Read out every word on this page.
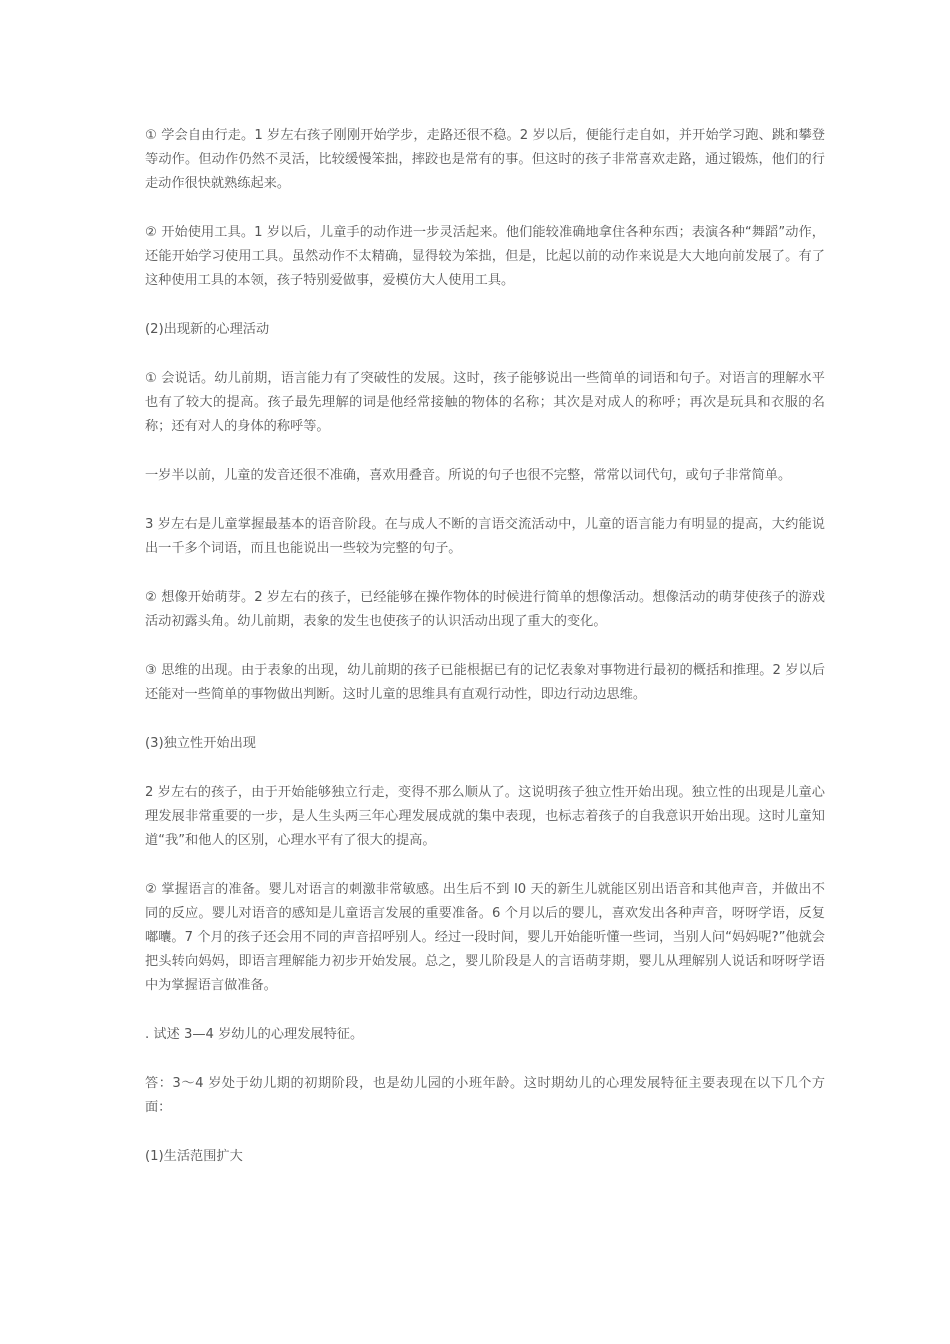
① 学会自由行走。1 岁左右孩子刚刚开始学步，走路还很不稳。2 岁以后，便能行走自如，并开始学习跑、跳和攀登等动作。但动作仍然不灵活，比较缓慢笨拙，摔跤也是常有的事。但这时的孩子非常喜欢走路，通过锻炼，他们的行走动作很快就熟练起来。

② 开始使用工具。1 岁以后，儿童手的动作进一步灵活起来。他们能较准确地拿住各种东西；表演各种“舞蹈”动作，还能开始学习使用工具。虽然动作不太精确，显得较为笨拙，但是，比起以前的动作来说是大大地向前发展了。有了这种使用工具的本领，孩子特别爱做事，爱模仿大人使用工具。

(2)出现新的心理活动

① 会说话。幼儿前期，语言能力有了突破性的发展。这时，孩子能够说出一些简单的词语和句子。对语言的理解水平也有了较大的提高。孩子最先理解的词是他经常接触的物体的名称；其次是对成人的称呼；再次是玩具和衣服的名称；还有对人的身体的称呼等。

一岁半以前，儿童的发音还很不准确，喜欢用叠音。所说的句子也很不完整，常常以词代句，或句子非常简单。

3 岁左右是儿童掌握最基本的语音阶段。在与成人不断的言语交流活动中，儿童的语言能力有明显的提高，大约能说出一千多个词语，而且也能说出一些较为完整的句子。

② 想像开始萌芽。2 岁左右的孩子，已经能够在操作物体的时候进行简单的想像活动。想像活动的萌芽使孩子的游戏活动初露头角。幼儿前期，表象的发生也使孩子的认识活动出现了重大的变化。

③ 思维的出现。由于表象的出现，幼儿前期的孩子已能根据已有的记忆表象对事物进行最初的概括和推理。2 岁以后还能对一些简单的事物做出判断。这时儿童的思维具有直观行动性，即边行动边思维。

(3)独立性开始出现

2 岁左右的孩子，由于开始能够独立行走，变得不那么顺从了。这说明孩子独立性开始出现。独立性的出现是儿童心理发展非常重要的一步，是人生头两三年心理发展成就的集中表现，也标志着孩子的自我意识开始出现。这时儿童知道“我”和他人的区别，心理水平有了很大的提高。

② 掌握语言的准备。婴儿对语言的刺激非常敏感。出生后不到 l0 天的新生儿就能区别出语音和其他声音，并做出不同的反应。婴儿对语音的感知是儿童语言发展的重要准备。6 个月以后的婴儿，喜欢发出各种声音，呀呀学语，反复嘟囔。7 个月的孩子还会用不同的声音招呼别人。经过一段时间，婴儿开始能听懂一些词，当别人问“妈妈呢?”他就会把头转向妈妈，即语言理解能力初步开始发展。总之，婴儿阶段是人的言语萌芽期，婴儿从理解别人说话和呀呀学语中为掌握语言做准备。

. 试述 3—4 岁幼儿的心理发展特征。

答：3～4 岁处于幼儿期的初期阶段，也是幼儿园的小班年龄。这时期幼儿的心理发展特征主要表现在以下几个方面：

(1)生活范围扩大
